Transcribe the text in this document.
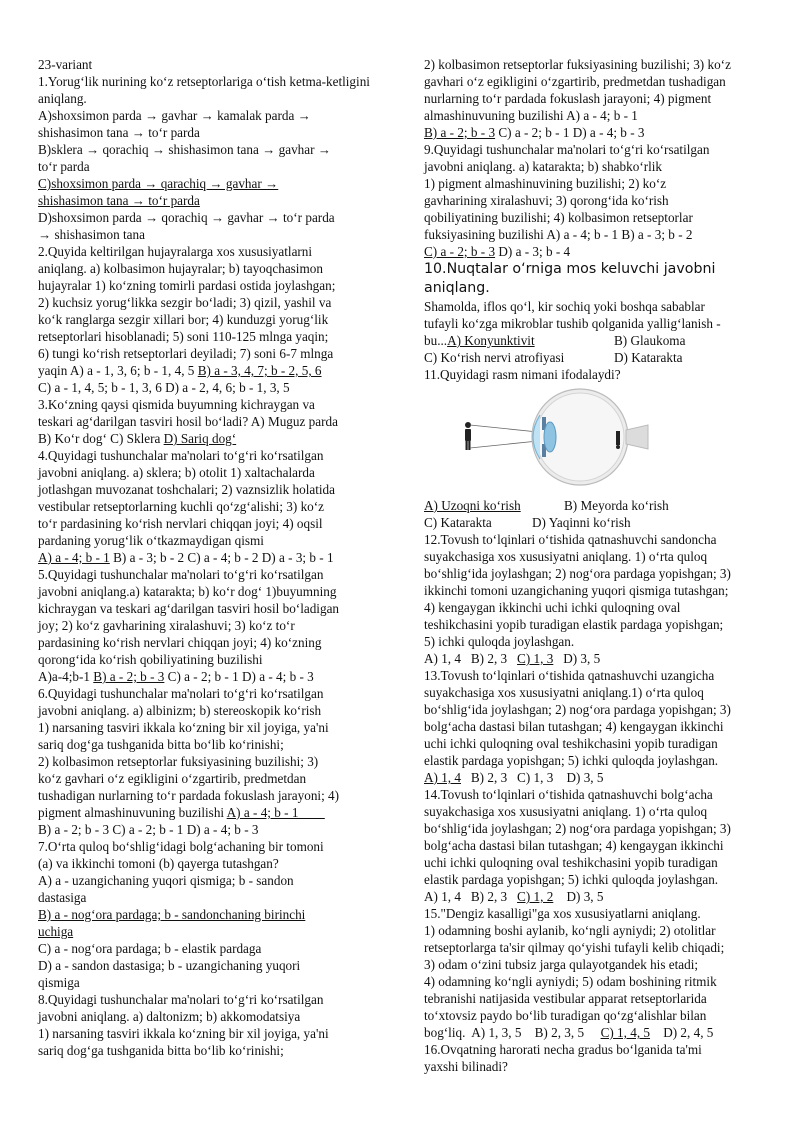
23-variant

1.Yorug‘lik nurining ko‘z retseptorlariga o‘tish ketma-ketligini aniqlang.

A)shoxsimon parda → gavhar → kamalak parda →

shishasimon tana → to‘r parda

B)sklera → qorachiq → shishasimon tana → gavhar →

to‘r parda

C)shoxsimon parda → qarachiq → gavhar →

shishasimon tana → to‘r parda

D)shoxsimon parda → qorachiq → gavhar → to‘r parda

→ shishasimon tana

2.Quyida keltirilgan hujayralarga xos xususiyatlarni

aniqlang. a) kolbasimon hujayralar; b) tayoqchasimon

hujayralar 1) ko‘zning tomirli pardasi ostida joylashgan;

2) kuchsiz yorug‘likka sezgir bo‘ladi; 3) qizil, yashil va

ko‘k ranglarga sezgir xillari bor; 4) kunduzgi yorug‘lik

retseptorlari hisoblanadi; 5) soni 110-125 mlnga yaqin;

6) tungi ko‘rish retseptorlari deyiladi; 7) soni 6-7 mlnga

yaqin A) a - 1, 3, 6; b - 1, 4, 5 B) a - 3, 4, 7; b - 2, 5, 6

C) a - 1, 4, 5; b - 1, 3, 6 D) a - 2, 4, 6; b - 1, 3, 5

3.Ko‘zning qaysi qismida buyumning kichraygan va

teskari ag‘darilgan tasviri hosil bo‘ladi? A) Muguz parda

B) Ko‘r dog‘ C) Sklera D) Sariq dog‘

4.Quyidagi tushunchalar ma'nolari to‘g‘ri ko‘rsatilgan

javobni aniqlang. a) sklera; b) otolit 1) xaltachalarda

jotlashgan muvozanat toshchalari; 2) vaznsizlik holatida

vestibular retseptorlarning kuchli qo‘zg‘alishi; 3) ko‘z

to‘r pardasining ko‘rish nervlari chiqqan joyi; 4) oqsil

pardaning yorug‘lik o‘tkazmaydigan qismi

A) a - 4; b - 1 B) a - 3; b - 2 C) a - 4; b - 2 D) a - 3; b - 1

5.Quyidagi tushunchalar ma'nolari to‘g‘ri ko‘rsatilgan

javobni aniqlang.a) katarakta; b) ko‘r dog‘ 1)buyumning

kichraygan va teskari ag‘darilgan tasviri hosil bo‘ladigan

joy; 2) ko‘z gavharining xiralashuvi; 3) ko‘z to‘r

pardasining ko‘rish nervlari chiqqan joyi; 4) ko‘zning

qorong‘ida ko‘rish qobiliyatining buzilishi

A)a-4;b-1 B) a - 2; b - 3 C) a - 2; b - 1 D) a - 4; b - 3

6.Quyidagi tushunchalar ma'nolari to‘g‘ri ko‘rsatilgan

javobni aniqlang. a) albinizm; b) stereoskopik ko‘rish

1) narsaning tasviri ikkala ko‘zning bir xil joyiga, ya'ni

sariq dog‘ga tushganida bitta bo‘lib ko‘rinishi;

2) kolbasimon retseptorlar fuksiyasining buzilishi; 3)

ko‘z gavhari o‘z egikligini o‘zgartirib, predmetdan

tushadigan nurlarning to‘r pardada fokuslash jarayoni; 4)

pigment almashinuvuning buzilishi A) a - 4; b - 1

B) a - 2; b - 3 C) a - 2; b - 1 D) a - 4; b - 3

7.O‘rta quloq bo‘shlig‘idagi bolg‘achaning bir tomoni

(a) va ikkinchi tomoni (b) qayerga tutashgan?

A) a - uzangichaning yuqori qismiga; b - sandon

dastasiga

B) a - nog‘ora pardaga; b - sandonchaning birinchi

uchiga

C) a - nog‘ora pardaga; b - elastik pardaga

D) a - sandon dastasiga; b - uzangichaning yuqori

qismiga

8.Quyidagi tushunchalar ma'nolari to‘g‘ri ko‘rsatilgan

javobni aniqlang. a) daltonizm; b) akkomodatsiya

1) narsaning tasviri ikkala ko‘zning bir xil joyiga, ya'ni

sariq dog‘ga tushganida bitta bo‘lib ko‘rinishi;

2) kolbasimon retseptorlar fuksiyasining buzilishi; 3) ko‘z

gavhari o‘z egikligini o‘zgartirib, predmetdan tushadigan

nurlarning to‘r pardada fokuslash jarayoni; 4) pigment

almashinuvuning buzilishi A) a - 4; b - 1

B) a - 2; b - 3 C) a - 2; b - 1 D) a - 4; b - 3

9.Quyidagi tushunchalar ma'nolari to‘g‘ri ko‘rsatilgan

javobni aniqlang. a) katarakta; b) shabko‘rlik

1) pigment almashinuvining buzilishi; 2) ko‘z

gavharining xiralashuvi; 3) qorong‘ida ko‘rish

qobiliyatining buzilishi; 4) kolbasimon retseptorlar

fuksiyasining buzilishi A) a - 4; b - 1 B) a - 3; b - 2

C) a - 2; b - 3 D) a - 3; b - 4

10.Nuqtalar o‘rniga mos keluvchi javobni

aniqlang.

Shamolda, iflos qo‘l, kir sochiq yoki boshqa sabablar

tufayli ko‘zga mikroblar tushib qolganida yallig‘lanish -

bu...A) Konyunktivit	B) Glaukoma

C) Ko‘rish nervi atrofiyasi	D) Katarakta

11.Quyidagi rasm nimani ifodalaydi?

A) Uzoqni ko‘rish	B) Meyorda ko‘rish

C) Katarakta	D) Yaqinni ko‘rish

12.Tovush to‘lqinlari o‘tishida qatnashuvchi sandoncha

suyakchasiga xos xususiyatni aniqlang. 1) o‘rta quloq

bo‘shlig‘ida joylashgan; 2) nog‘ora pardaga yopishgan; 3)

ikkinchi tomoni uzangichaning yuqori qismiga tutashgan;

4) kengaygan ikkinchi uchi ichki quloqning oval

teshikchasini yopib turadigan elastik pardaga yopishgan;

5) ichki quloqda joylashgan.

A) 1, 4   B) 2, 3   C) 1, 3   D) 3, 5

13.Tovush to‘lqinlari o‘tishida qatnashuvchi uzangicha

suyakchasiga xos xususiyatni aniqlang.1) o‘rta quloq

bo‘shlig‘ida joylashgan; 2) nog‘ora pardaga yopishgan; 3)

bolg‘acha dastasi bilan tutashgan; 4) kengaygan ikkinchi

uchi ichki quloqning oval teshikchasini yopib turadigan

elastik pardaga yopishgan; 5) ichki quloqda joylashgan.

A) 1, 4   B) 2, 3   C) 1, 3    D) 3, 5

14.Tovush to‘lqinlari o‘tishida qatnashuvchi bolg‘acha

suyakchasiga xos xususiyatni aniqlang. 1) o‘rta quloq

bo‘shlig‘ida joylashgan; 2) nog‘ora pardaga yopishgan; 3)

bolg‘acha dastasi bilan tutashgan; 4) kengaygan ikkinchi

uchi ichki quloqning oval teshikchasini yopib turadigan

elastik pardaga yopishgan; 5) ichki quloqda joylashgan.

A) 1, 4   B) 2, 3   C) 1, 2    D) 3, 5

15."Dengiz kasalligi"ga xos xususiyatlarni aniqlang.

1) odamning boshi aylanib, ko‘ngli ayniydi; 2) otolitlar

retseptorlarga ta'sir qilmay qo‘yishi tufayli kelib chiqadi;

3) odam o‘zini tubsiz jarga qulayotgandek his etadi;

4) odamning ko‘ngli ayniydi; 5) odam boshining ritmik

tebranishi natijasida vestibular apparat retseptorlarida

to‘xtovsiz paydo bo‘lib turadigan qo‘zg‘alishlar bilan

bog‘liq.  A) 1, 3, 5    B) 2, 3, 5     C) 1, 4, 5    D) 2, 4, 5

16.Ovqatning harorati necha gradus bo‘lganida ta'mi

yaxshi bilinadi?
